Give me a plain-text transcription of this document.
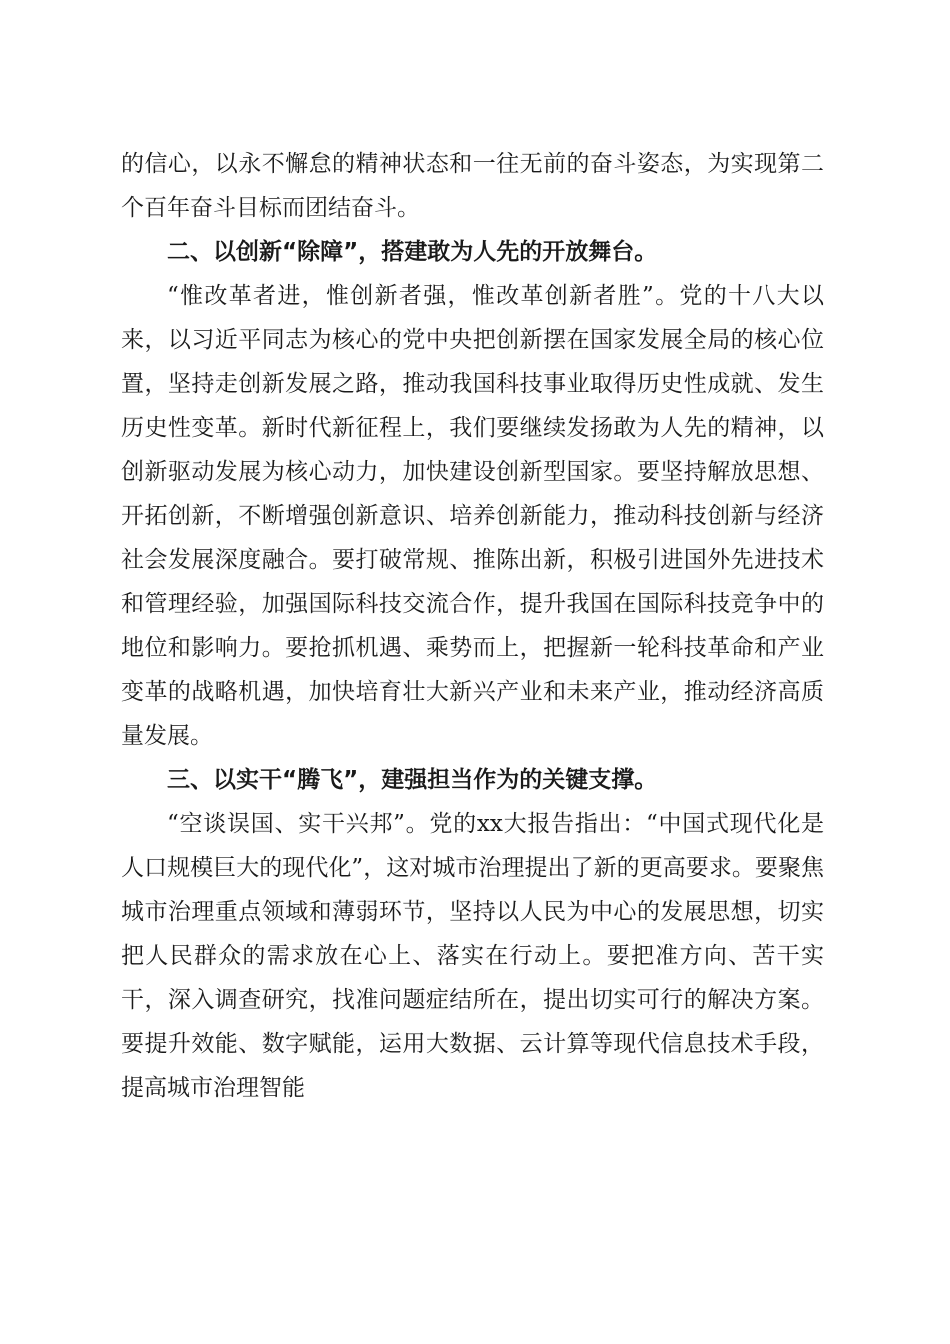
的信心，以永不懈怠的精神状态和一往无前的奋斗姿态，为实现第二个百年奋斗目标而团结奋斗。

二、以创新“除障”，搭建敢为人先的开放舞台。

“惟改革者进，惟创新者强，惟改革创新者胜”。党的十八大以来，以习近平同志为核心的党中央把创新摆在国家发展全局的核心位置，坚持走创新发展之路，推动我国科技事业取得历史性成就、发生历史性变革。新时代新征程上，我们要继续发扬敢为人先的精神，以创新驱动发展为核心动力，加快建设创新型国家。要坚持解放思想、开拓创新，不断增强创新意识、培养创新能力，推动科技创新与经济社会发展深度融合。要打破常规、推陈出新，积极引进国外先进技术和管理经验，加强国际科技交流合作，提升我国在国际科技竞争中的地位和影响力。要抢抓机遇、乘势而上，把握新一轮科技革命和产业变革的战略机遇，加快培育壮大新兴产业和未来产业，推动经济高质量发展。

三、以实干“腾飞”，建强担当作为的关键支撑。

“空谈误国、实干兴邦”。党的xx大报告指出：“中国式现代化是人口规模巨大的现代化”，这对城市治理提出了新的更高要求。要聚焦城市治理重点领域和薄弱环节，坚持以人民为中心的发展思想，切实把人民群众的需求放在心上、落实在行动上。要把准方向、苦干实干，深入调查研究，找准问题症结所在，提出切实可行的解决方案。要提升效能、数字赋能，运用大数据、云计算等现代信息技术手段，提高城市治理智能
